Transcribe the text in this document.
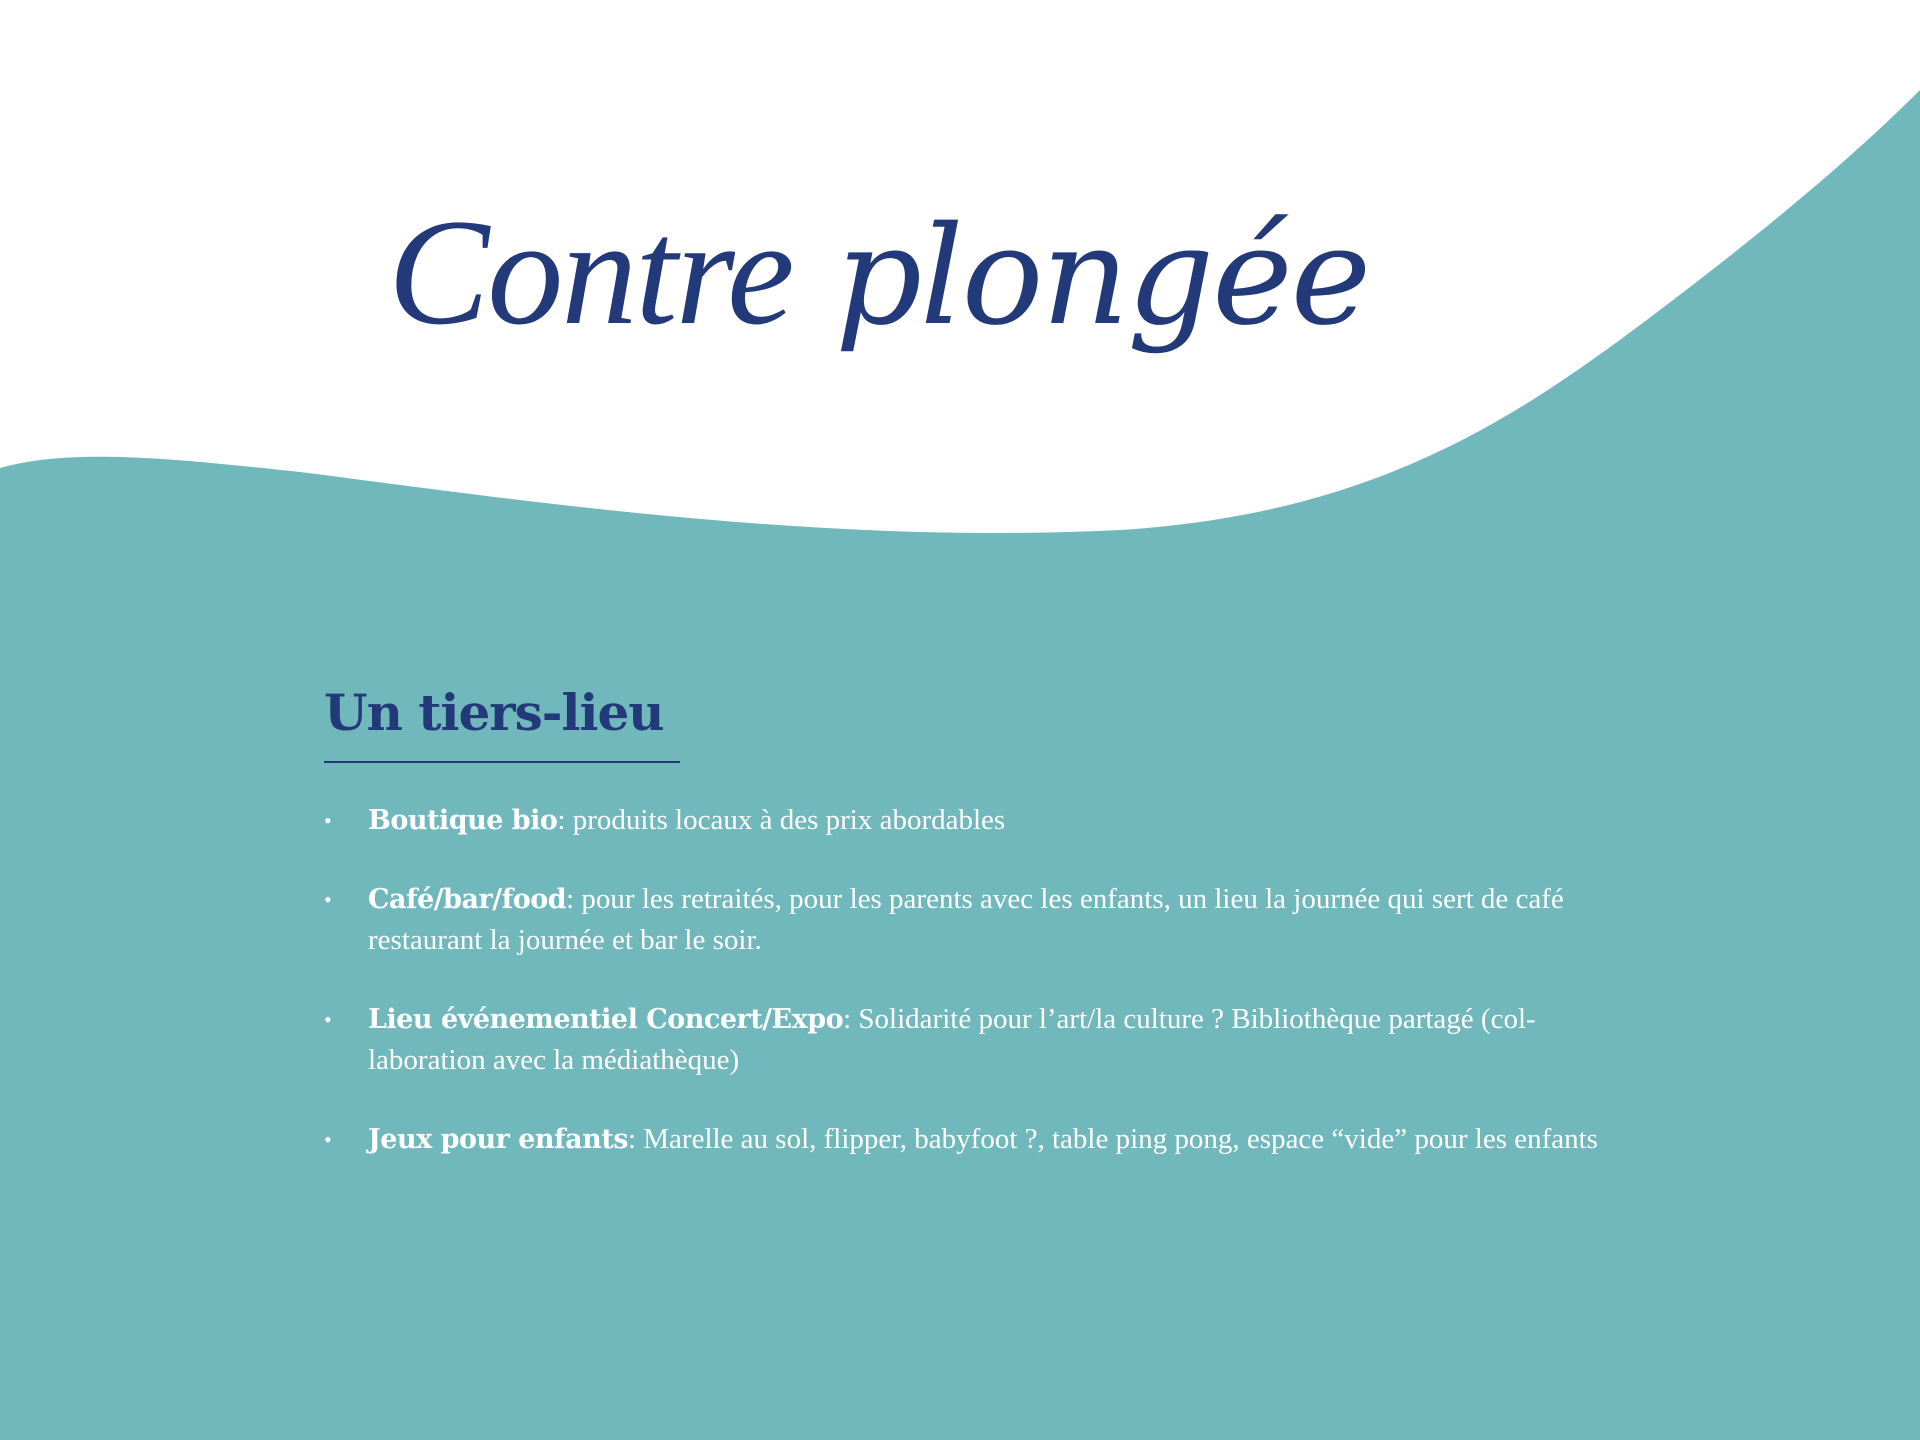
Contre plongée
Un tiers-lieu
• Boutique bio: produits locaux à des prix abordables
• Café/bar/food: pour les retraités, pour les parents avec les enfants, un lieu la journée qui sert de café restaurant la journée et bar le soir.
• Lieu événementiel Concert/Expo: Solidarité pour l’art/la culture ? Bibliothèque partagé (col-laboration avec la médiathèque)
• Jeux pour enfants: Marelle au sol, flipper, babyfoot ?, table ping pong, espace “vide” pour les enfants
